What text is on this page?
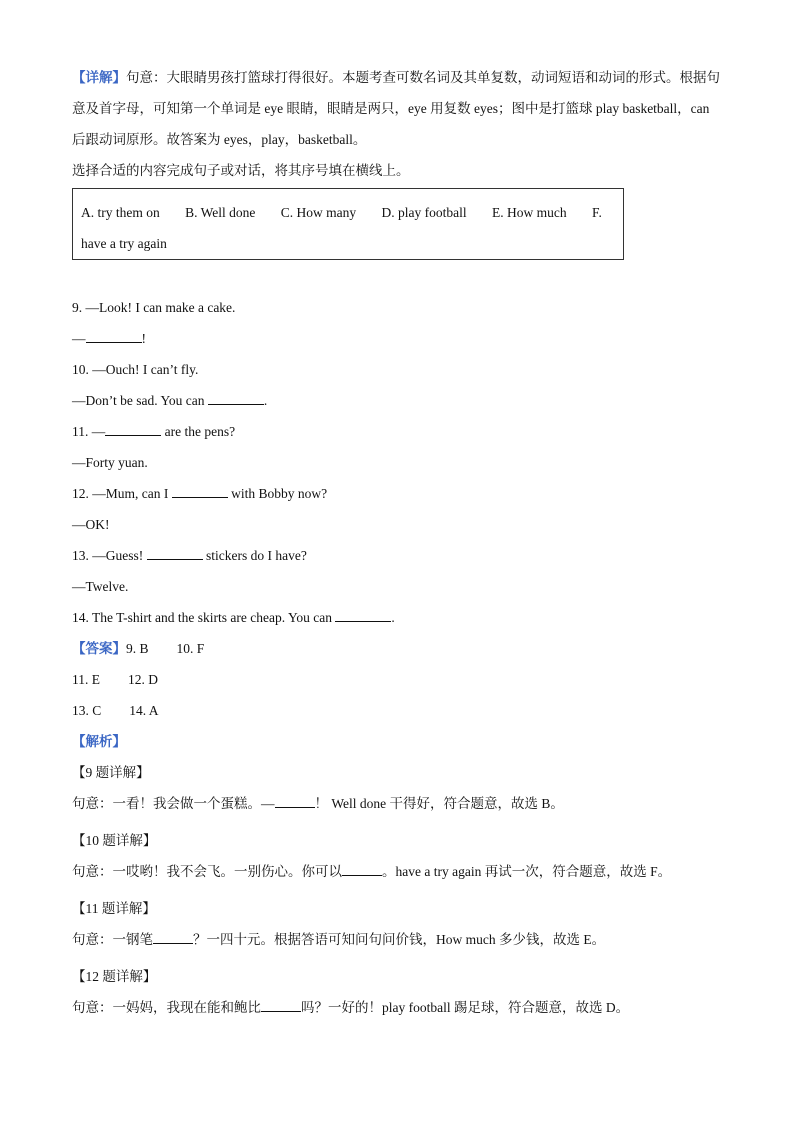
【详解】句意：大眼睛男孩打篮球打得很好。本题考查可数名词及其单复数，动词短语和动词的形式。根据句意及首字母，可知第一个单词是 eye 眼睛，眼睛是两只，eye 用复数 eyes；图中是打篮球 play basketball，can 后跟动词原形。故答案为 eyes，play，basketball。
选择合适的内容完成句子或对话，将其序号填在横线上。
A. try them on B. Well done C. How many D. play football E. How much F. have a try again
9. —Look! I can make a cake.
—	!
10. —Ouch! I can’t fly.
—Don’t be sad. You can	.
11. —	are the pens?
—Forty yuan.
12. —Mum, can I	with Bobby now?
—OK!
13. —Guess!	stickers do I have?
—Twelve.
14. The T-shirt and the skirts are cheap. You can	.
【答案】9. B 10. F
11. E 12. D
13. C 14. A
【解析】
【9 题详解】
句意：一看！我会做一个蛋糕。—	！ Well done 干得好，符合题意，故选 B。
【10 题详解】
句意：一哎哟！我不会飞。一别伤心。你可以	。have a try again 再试一次，符合题意，故选 F。
【11 题详解】
句意：一钢笔	？一四十元。根据答语可知问句问价钱，How much 多少钱，故选 E。
【12 题详解】
句意：一妈妈，我现在能和鲍比	吗？一好的！play football 踢足球，符合题意，故选 D。
